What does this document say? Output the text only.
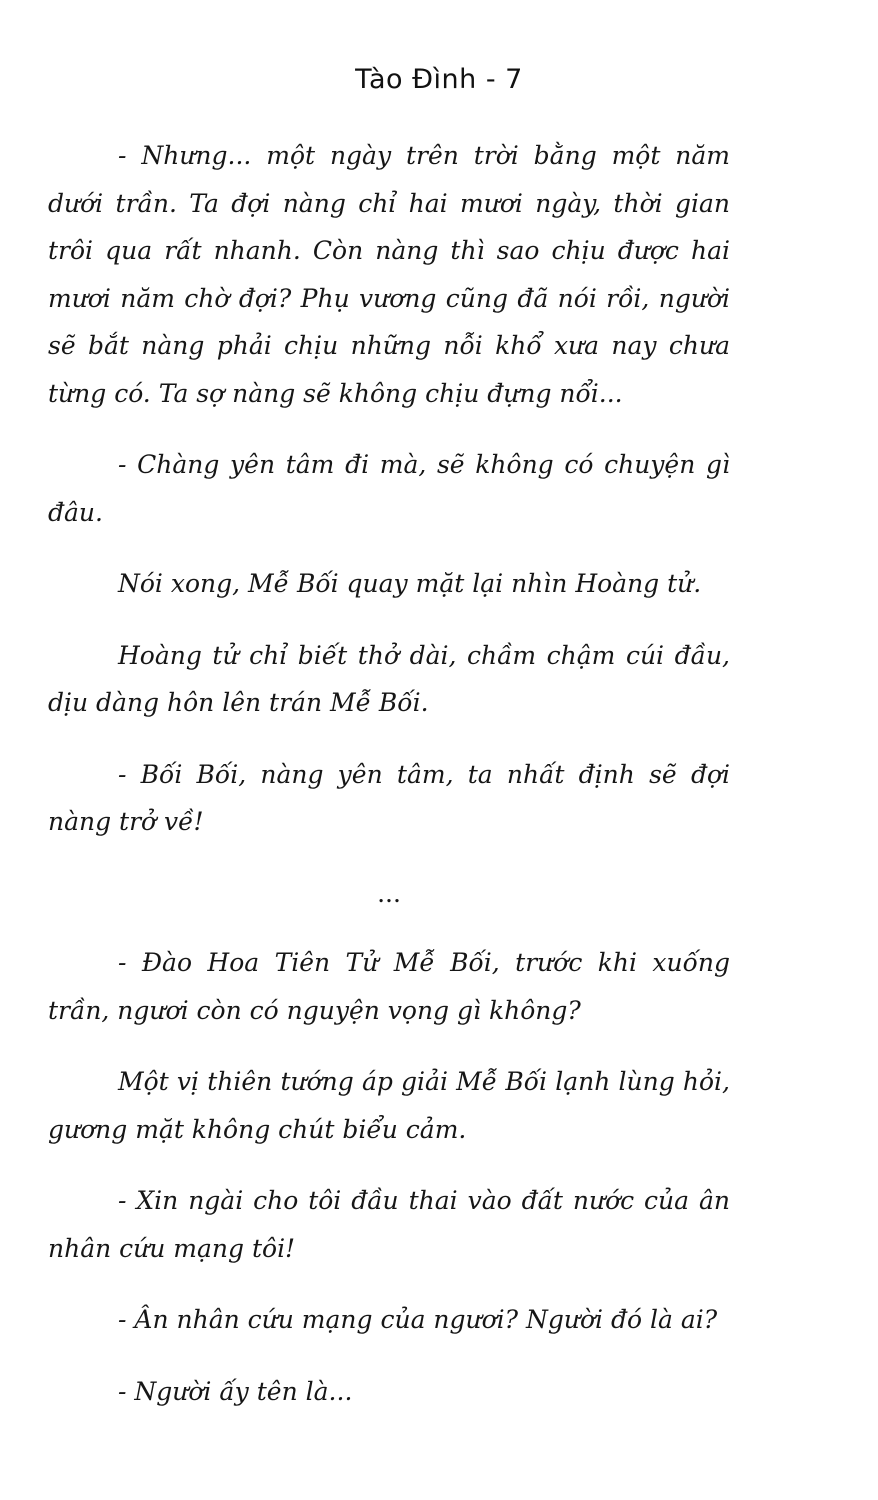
Tào Đình - 7

- Nhưng... một ngày trên trời bằng một năm dưới trần. Ta đợi nàng chỉ hai mươi ngày, thời gian trôi qua rất nhanh. Còn nàng thì sao chịu được hai mươi năm chờ đợi? Phụ vương cũng đã nói rồi, người sẽ bắt nàng phải chịu những nỗi khổ xưa nay chưa từng có. Ta sợ nàng sẽ không chịu đựng nổi...

- Chàng yên tâm đi mà, sẽ không có chuyện gì đâu.

Nói xong, Mễ Bối quay mặt lại nhìn Hoàng tử.

Hoàng tử chỉ biết thở dài, chầm chậm cúi đầu, dịu dàng hôn lên trán Mễ Bối.

- Bối Bối, nàng yên tâm, ta nhất định sẽ đợi nàng trở về!

...

- Đào Hoa Tiên Tử Mễ Bối, trước khi xuống trần, ngươi còn có nguyện vọng gì không?

Một vị thiên tướng áp giải Mễ Bối lạnh lùng hỏi, gương mặt không chút biểu cảm.

- Xin ngài cho tôi đầu thai vào đất nước của ân nhân cứu mạng tôi!

- Ân nhân cứu mạng của ngươi? Người đó là ai?

- Người ấy tên là...
